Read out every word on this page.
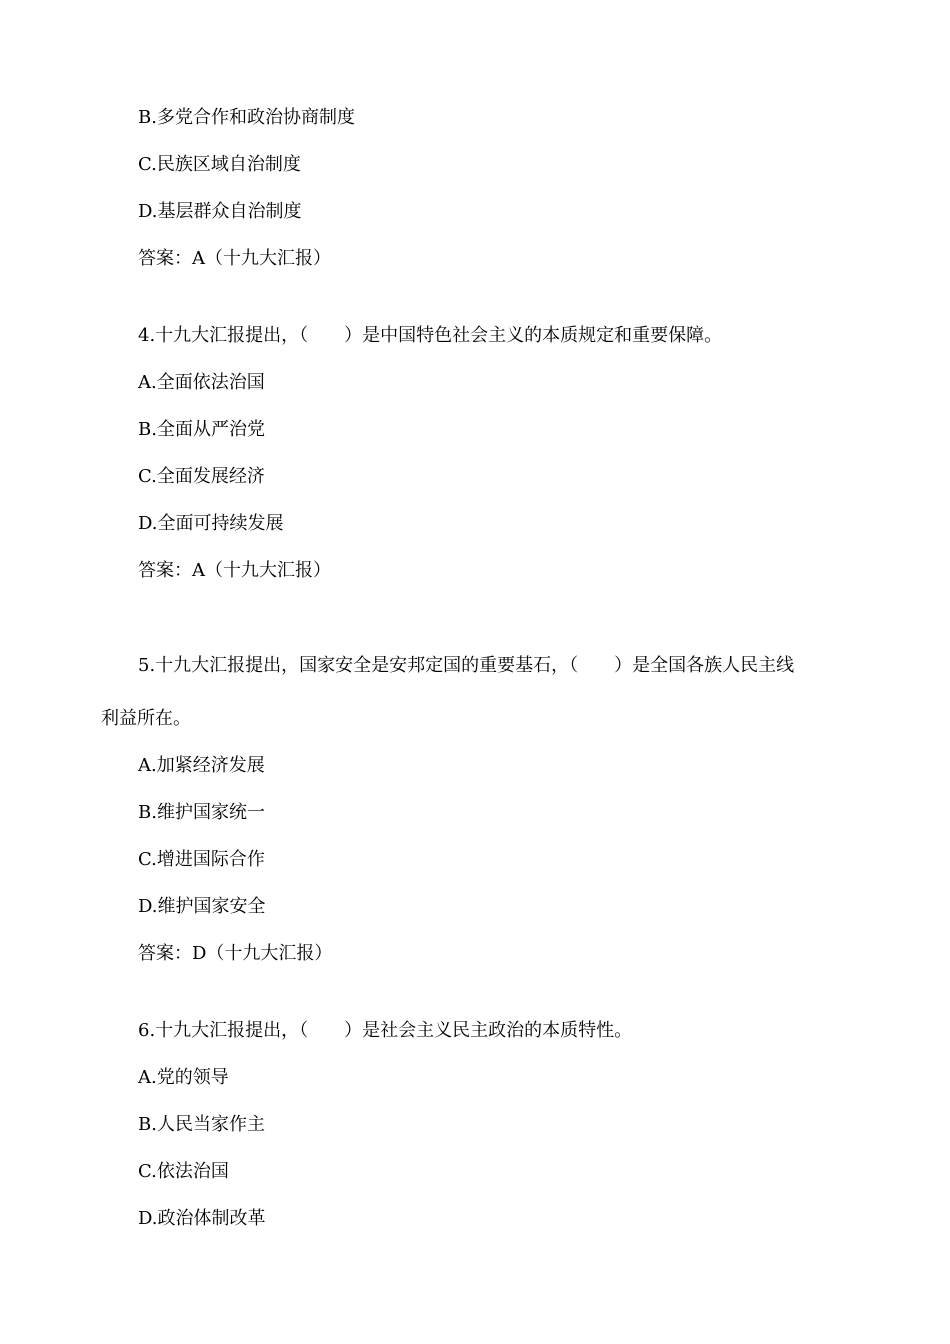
B.多党合作和政治协商制度

C.民族区域自治制度

D.基层群众自治制度

答案：A（十九大汇报）

4.十九大汇报提出，（　　）是中国特色社会主义的本质规定和重要保障。

A.全面依法治国

B.全面从严治党

C.全面发展经济

D.全面可持续发展

答案：A（十九大汇报）

5.十九大汇报提出，国家安全是安邦定国的重要基石，（　　）是全国各族人民主线

利益所在。

A.加紧经济发展

B.维护国家统一

C.增进国际合作

D.维护国家安全

答案：D（十九大汇报）

6.十九大汇报提出，（　　）是社会主义民主政治的本质特性。

A.党的领导

B.人民当家作主

C.依法治国

D.政治体制改革
